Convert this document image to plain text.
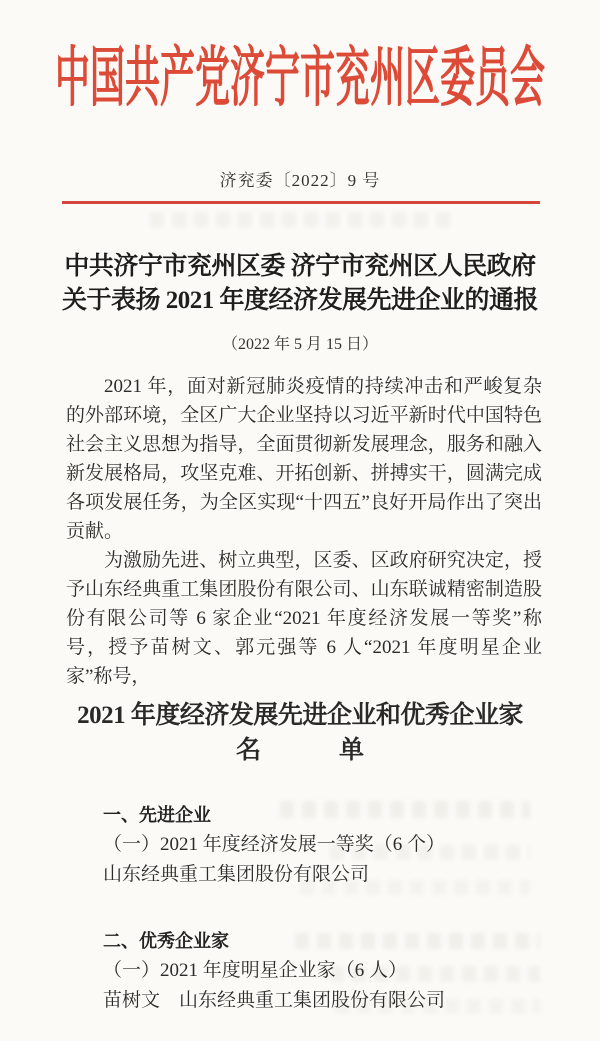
中国共产党济宁市兖州区委员会
济兖委〔2022〕9 号
中共济宁市兖州区委 济宁市兖州区人民政府
关于表扬 2021 年度经济发展先进企业的通报
（2022 年 5 月 15 日）

2021 年，面对新冠肺炎疫情的持续冲击和严峻复杂的外部环境，全区广大企业坚持以习近平新时代中国特色社会主义思想为指导，全面贯彻新发展理念，服务和融入新发展格局，攻坚克难、开拓创新、拼搏实干，圆满完成各项发展任务，为全区实现“十四五”良好开局作出了突出贡献。

为激励先进、树立典型，区委、区政府研究决定，授予山东经典重工集团股份有限公司、山东联诚精密制造股份有限公司等 6 家企业“2021 年度经济发展一等奖”称号，授予苗树文、郭元强等 6 人“2021 年度明星企业家”称号，

2021 年度经济发展先进企业和优秀企业家
名	单
一、先进企业
（一）2021 年度经济发展一等奖（6 个）
山东经典重工集团股份有限公司
二、优秀企业家
（一）2021 年度明星企业家（6 人）
苗树文　山东经典重工集团股份有限公司
